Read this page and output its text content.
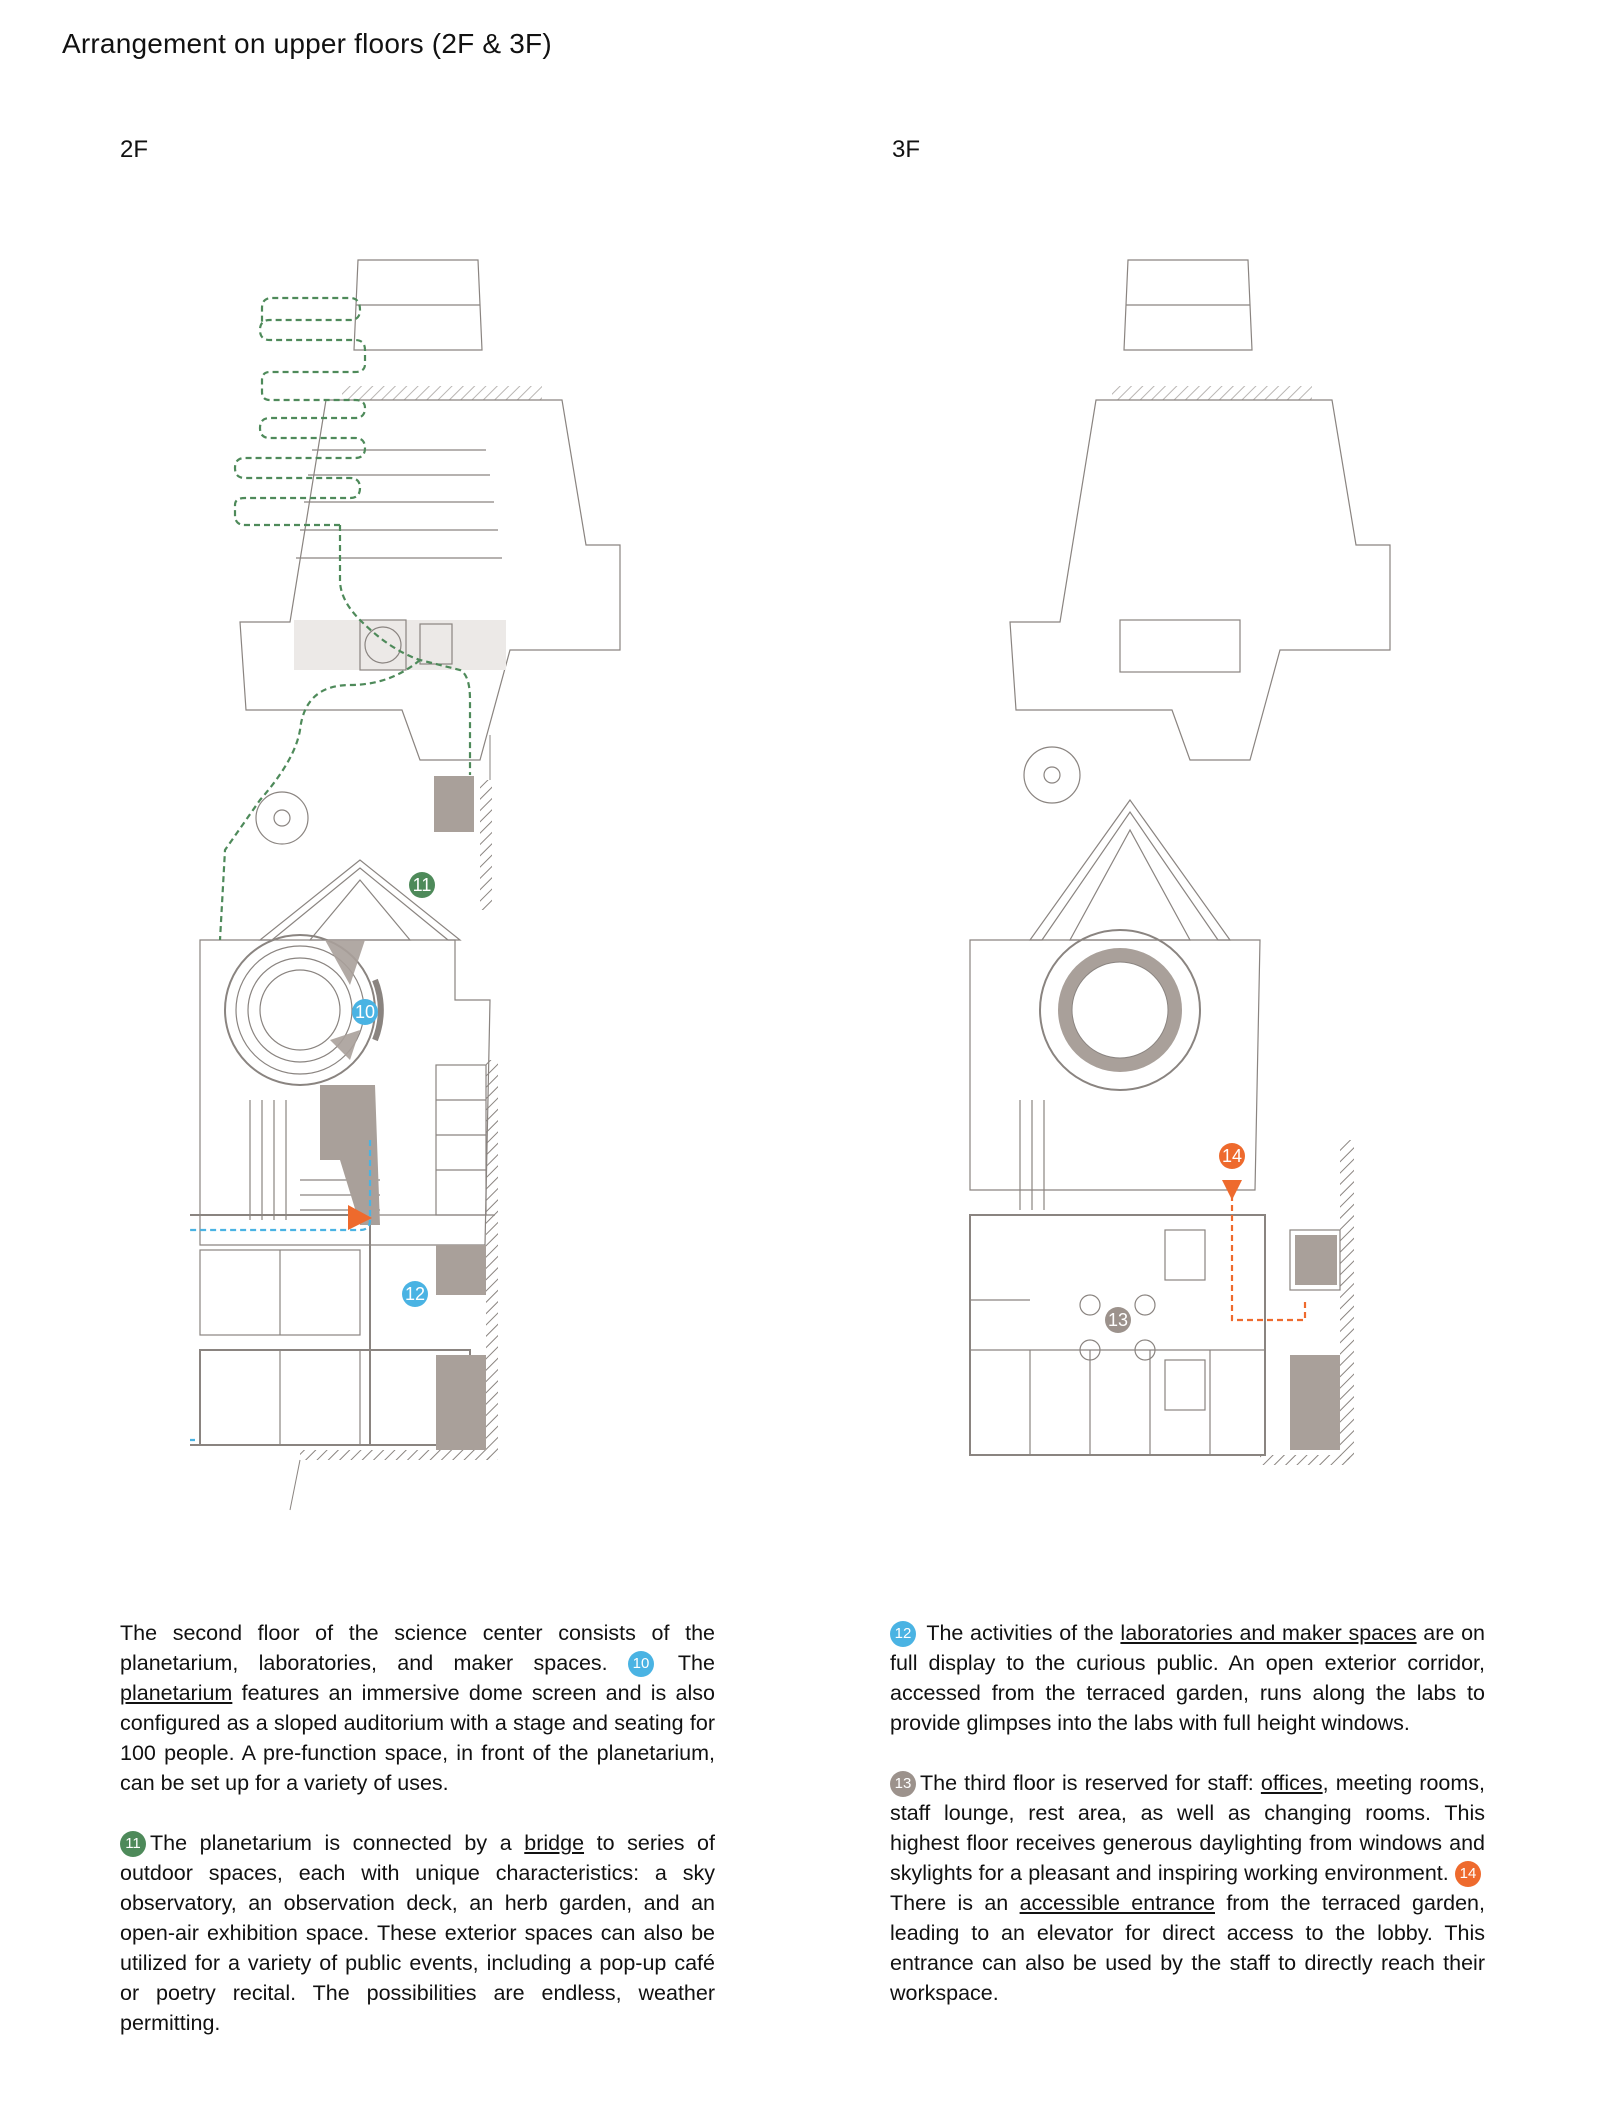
Arrangement on upper floors (2F & 3F)
2F	3F
11
10
12
14
13

The second floor of the science center consists of the planetarium, laboratories, and maker spaces. 10 The planetarium features an immersive dome screen and is also configured as a sloped auditorium with a stage and seating for 100 people. A pre-function space, in front of the planetarium, can be set up for a variety of uses.

11 The planetarium is connected by a bridge to series of outdoor spaces, each with unique characteristics: a sky observatory, an observation deck, an herb garden, and an open-air exhibition space. These exterior spaces can also be utilized for a variety of public events, including a pop-up café or poetry recital. The possibilities are endless, weather permitting.

12 The activities of the laboratories and maker spaces are on full display to the curious public. An open exterior corridor, accessed from the terraced garden, runs along the labs to provide glimpses into the labs with full height windows.

13 The third floor is reserved for staff: offices, meeting rooms, staff lounge, rest area, as well as changing rooms. This highest floor receives generous daylighting from windows and skylights for a pleasant and inspiring working environment. 14 There is an accessible entrance from the terraced garden, leading to an elevator for direct access to the lobby. This entrance can also be used by the staff to directly reach their workspace.
